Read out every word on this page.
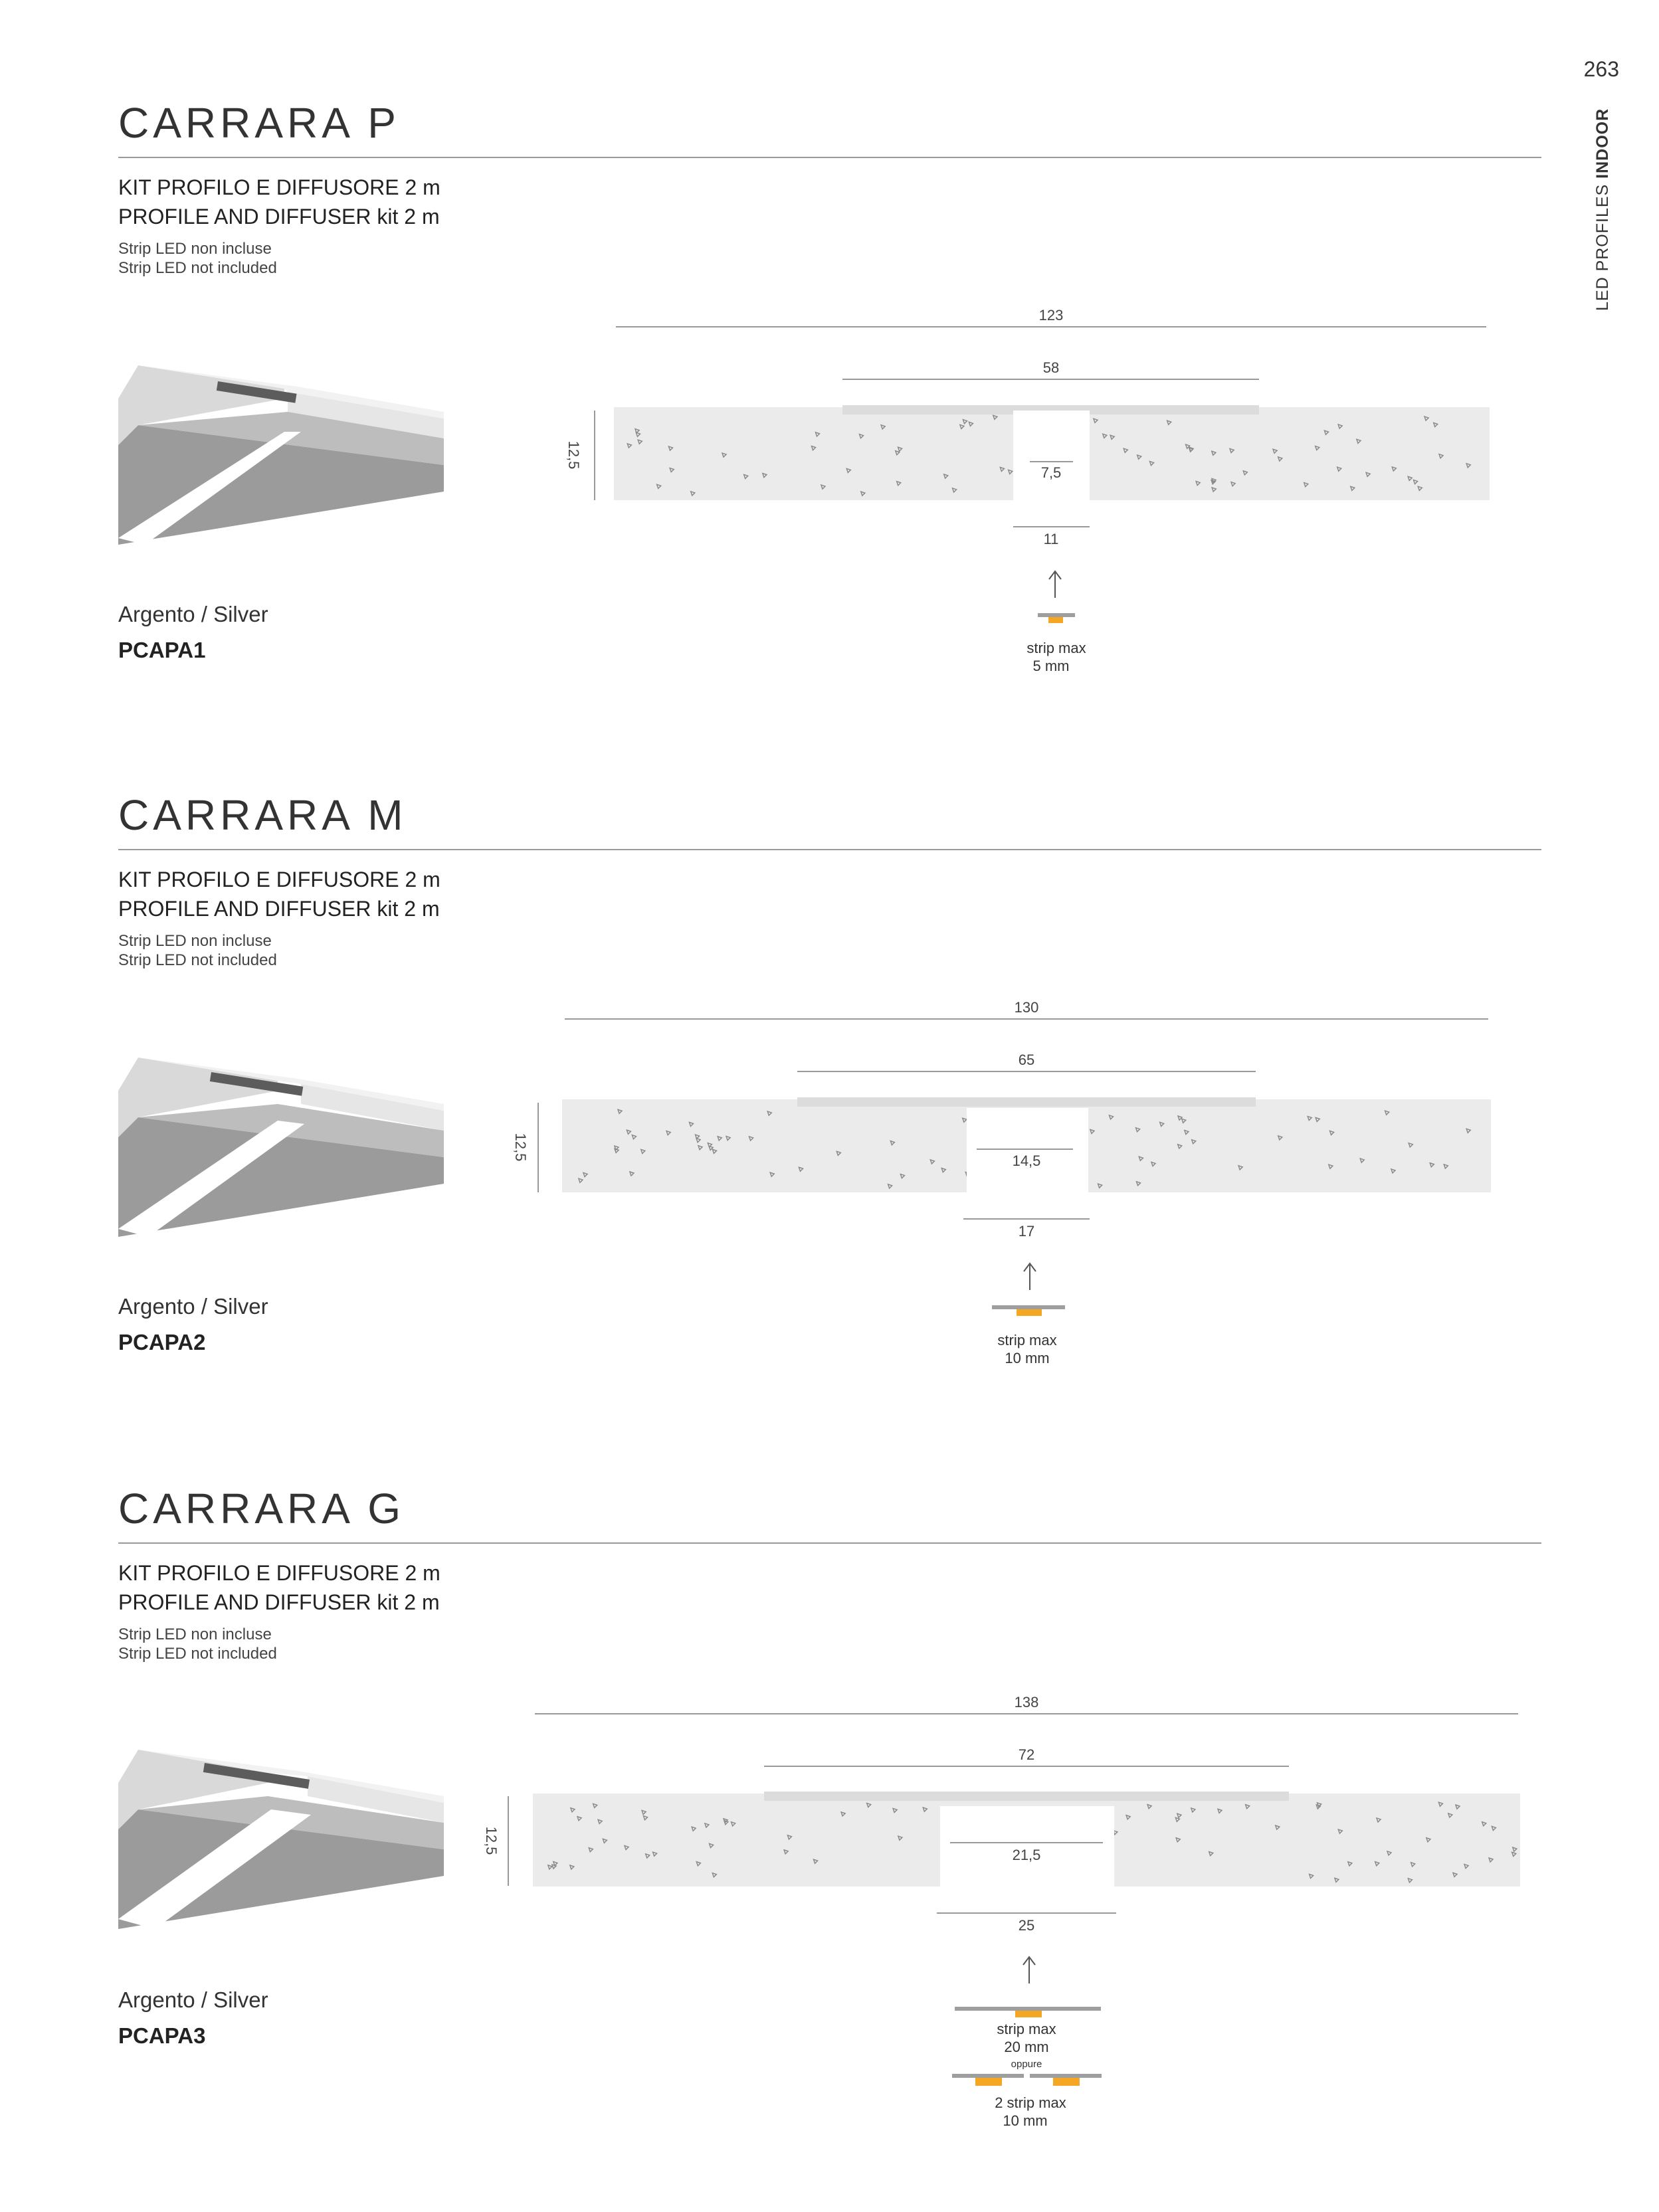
263
LED PROFILES INDOOR
CARRARA P
KIT PROFILO E DIFFUSORE 2 m
PROFILE AND DIFFUSER kit 2 m
Strip LED non incluse
Strip LED not included
Argento / Silver
PCAPA1
123
58
12,5
7,5
11
strip max
5 mm
CARRARA M
KIT PROFILO E DIFFUSORE 2 m
PROFILE AND DIFFUSER kit 2 m
Strip LED non incluse
Strip LED not included
Argento / Silver
PCAPA2
130
65
12,5	14,5
17
strip max
10 mm
CARRARA G
KIT PROFILO E DIFFUSORE 2 m
PROFILE AND DIFFUSER kit 2 m
Strip LED non incluse
Strip LED not included
Argento / Silver
PCAPA3
138
72
12,5
21,5
25
strip max
20 mm
oppure
2 strip max
10 mm
